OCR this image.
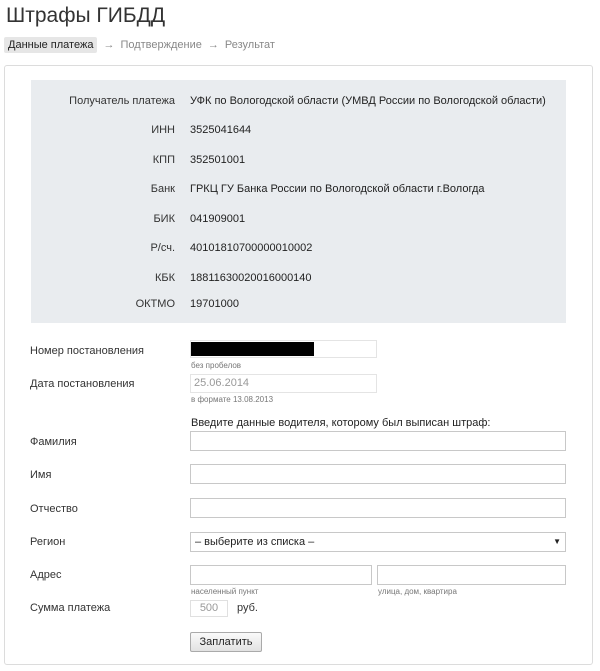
Штрафы ГИБДД
Данные платежа → Подтверждение → Результат
Получатель платежа УФК по Вологодской области (УМВД России по Вологодской области)
ИНН 3525041644
КПП 352501001
Банк ГРКЦ ГУ Банка России по Вологодской области г.Вологда
БИК 041909001
Р/сч. 40101810700000010002
КБК 18811630020016000140
ОКТМО 19701000
Номер постановления
без пробелов
Дата постановления	25.06.2014
в формате 13.08.2013
Введите данные водителя, которому был выписан штраф:
Фамилия
Имя
Отчество
Регион	– выберите из списка –	▼
Адрес
населенный пункт	улица, дом, квартира
Сумма платежа	500	руб.
Заплатить
